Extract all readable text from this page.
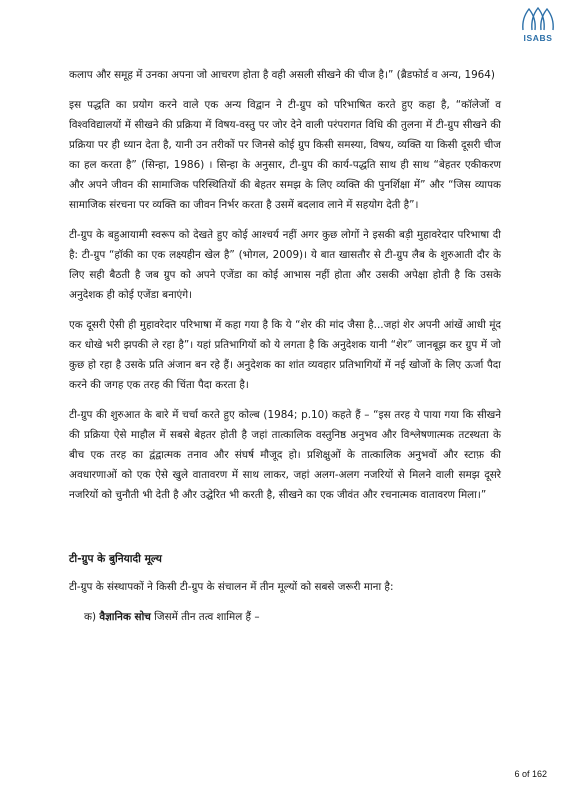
ISABS

कलाप और समूह में उनका अपना जो आचरण होता है वही असली सीखने की चीज है।” (ब्रैडफोर्ड व अन्य, 1964)

इस पद्धति का प्रयोग करने वाले एक अन्य विद्वान ने टी-ग्रुप को परिभाषित करते हुए कहा है, “कॉलेजों व विश्वविद्यालयों में सीखने की प्रक्रिया में विषय-वस्तु पर जोर देने वाली परंपरागत विधि की तुलना में टी-ग्रुप सीखने की प्रक्रिया पर ही ध्यान देता है, यानी उन तरीकों पर जिनसे कोई ग्रुप किसी समस्या, विषय, व्यक्ति या किसी दूसरी चीज का हल करता है” (सिन्हा, 1986) । सिन्हा के अनुसार, टी-ग्रुप की कार्य-पद्धति साथ ही साथ “बेहतर एकीकरण और अपने जीवन की सामाजिक परिस्थितियों की बेहतर समझ के लिए व्यक्ति की पुनर्शिक्षा में” और “जिस व्यापक सामाजिक संरचना पर व्यक्ति का जीवन निर्भर करता है उसमें बदलाव लाने में सहयोग देती है”।

टी-ग्रुप के बहुआयामी स्वरूप को देखते हुए कोई आश्चर्य नहीं अगर कुछ लोगों ने इसकी बड़ी मुहावरेदार परिभाषा दी है: टी-ग्रुप “हॉकी का एक लक्ष्यहीन खेल है” (भोगल, 2009)। ये बात खासतौर से टी-ग्रुप लैब के शुरुआती दौर के लिए सही बैठती है जब ग्रुप को अपने एजेंडा का कोई आभास नहीं होता और उसकी अपेक्षा होती है कि उसके अनुदेशक ही कोई एजेंडा बनाएंगे।

एक दूसरी ऐसी ही मुहावरेदार परिभाषा में कहा गया है कि ये “शेर की मांद जैसा है...जहां शेर अपनी आंखें आधी मूंद कर धोखे भरी झपकी ले रहा है”। यहां प्रतिभागियों को ये लगता है कि अनुदेशक यानी “शेर” जानबूझ कर ग्रुप में जो कुछ हो रहा है उसके प्रति अंजान बन रहे हैं। अनुदेशक का शांत व्यवहार प्रतिभागियों में नई खोजों के लिए ऊर्जा पैदा करने की जगह एक तरह की चिंता पैदा करता है।

टी-ग्रुप की शुरुआत के बारे में चर्चा करते हुए कोल्ब (1984; p.10) कहते हैं – “इस तरह ये पाया गया कि सीखने की प्रक्रिया ऐसे माहौल में सबसे बेहतर होती है जहां तात्कालिक वस्तुनिष्ठ अनुभव और विश्लेषणात्मक तटस्थता के बीच एक तरह का द्वंद्वात्मक तनाव और संघर्ष मौजूद हो। प्रशिक्षुओं के तात्कालिक अनुभवों और स्टाफ़ की अवधारणाओं को एक ऐसे खुले वातावरण में साथ लाकर, जहां अलग-अलग नजरियों से मिलने वाली समझ दूसरे नजरियों को चुनौती भी देती है और उद्घेरित भी करती है, सीखने का एक जीवंत और रचनात्मक वातावरण मिला।”

टी-ग्रुप के बुनियादी मूल्य

टी-ग्रुप के संस्थापकों ने किसी टी-ग्रुप के संचालन में तीन मूल्यों को सबसे जरूरी माना है:

क) वैज्ञानिक सोच जिसमें तीन तत्व शामिल हैं –

6 of 162
